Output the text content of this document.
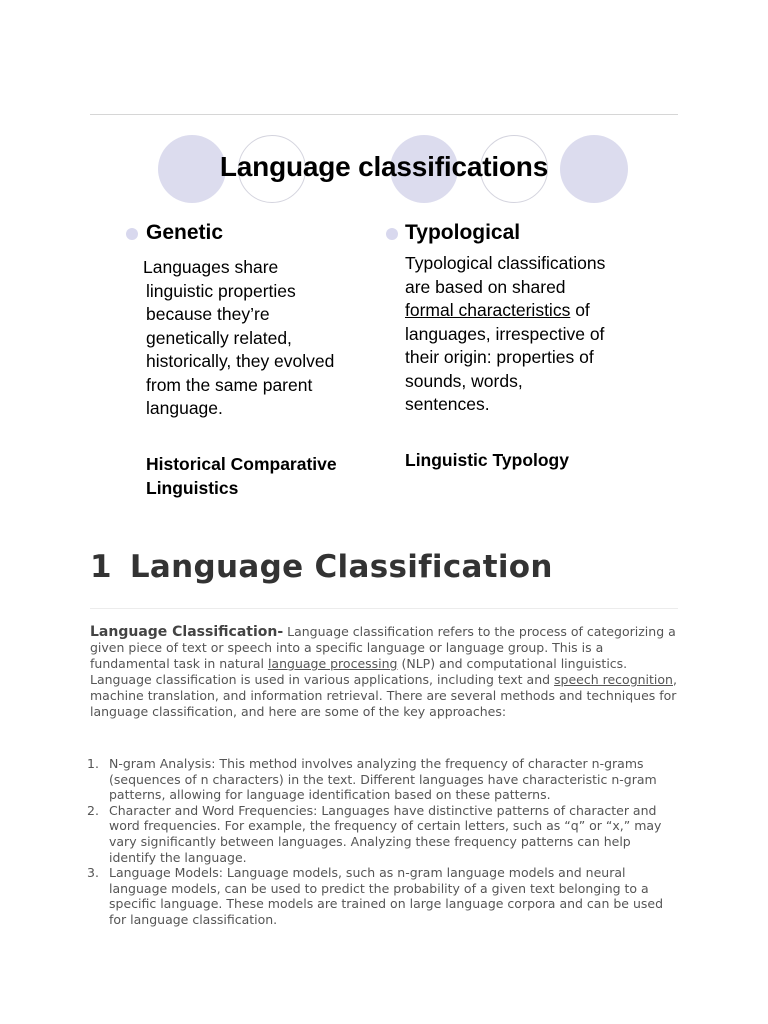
Language classifications
Genetic
Languages share
linguistic properties
because they’re
genetically related,
historically, they evolved
from the same parent
language.
Historical Comparative
Linguistics
Typological
Typological classifications
are based on shared
formal characteristics of
languages, irrespective of
their origin: properties of
sounds, words,
sentences.
Linguistic Typology
1 Language Classification
Language Classification- Language classification refers to the process of categorizing a given piece of text or speech into a specific language or language group. This is a fundamental task in natural language processing (NLP) and computational linguistics. Language classification is used in various applications, including text and speech recognition, machine translation, and information retrieval. There are several methods and techniques for language classification, and here are some of the key approaches:
1. N-gram Analysis: This method involves analyzing the frequency of character n-grams (sequences of n characters) in the text. Different languages have characteristic n-gram patterns, allowing for language identification based on these patterns.
2. Character and Word Frequencies: Languages have distinctive patterns of character and word frequencies. For example, the frequency of certain letters, such as “q” or “x,” may vary significantly between languages. Analyzing these frequency patterns can help identify the language.
3. Language Models: Language models, such as n-gram language models and neural language models, can be used to predict the probability of a given text belonging to a specific language. These models are trained on large language corpora and can be used for language classification.
